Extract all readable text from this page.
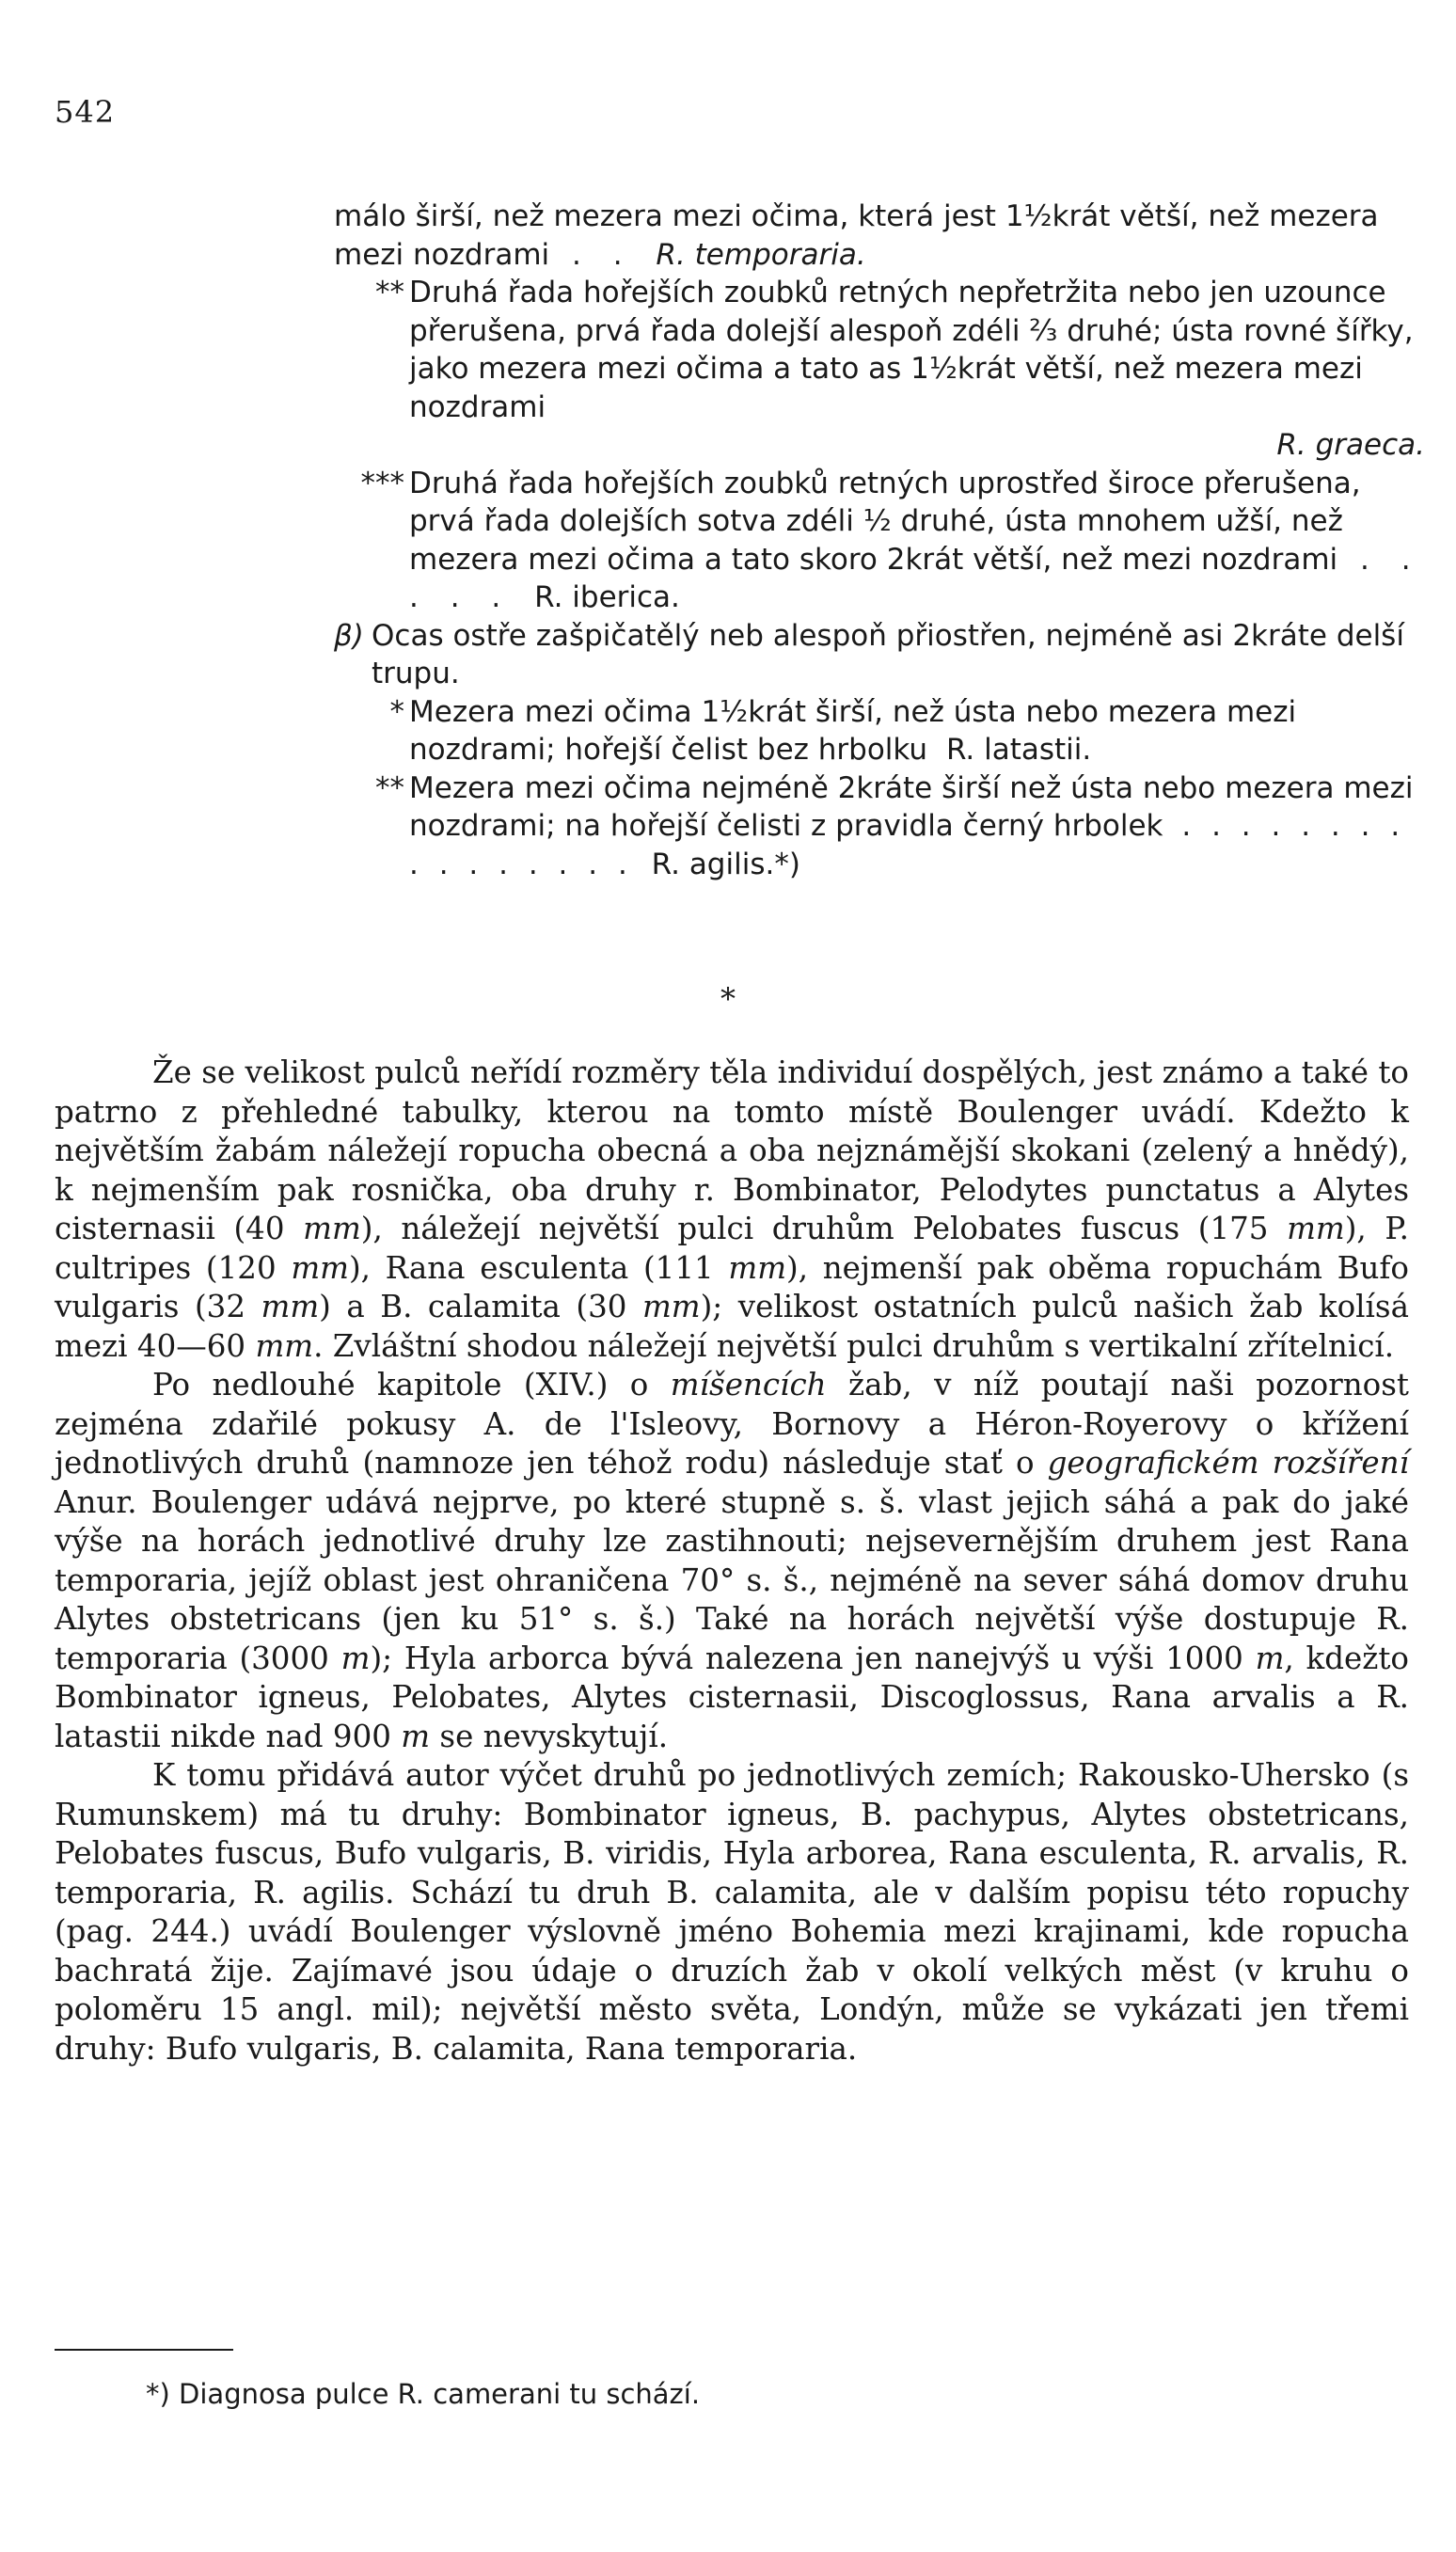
542
málo širší, než mezera mezi očima, která jest 1½krát větší, než mezera mezi nozdrami . . R. temporaria.
** Druhá řada hořejších zoubků retných nepřetržita nebo jen uzounce přerušena, prvá řada dolejší alespoň zdéli ⅔ druhé; ústa rovné šířky, jako mezera mezi očima a tato as 1½krát větší, než mezera mezi nozdrami
R. graeca.
*** Druhá řada hořejších zoubků retných uprostřed široce přerušena, prvá řada dolejších sotva zdéli ½ druhé, ústa mnohem užší, než mezera mezi očima a tato skoro 2krát větší, než mezi nozdrami . . . . . R. iberica.
β) Ocas ostře zašpičatělý neb alespoň přiostřen, nejméně asi 2kráte delší trupu.
* Mezera mezi očima 1½krát širší, než ústa nebo mezera mezi nozdrami; hořejší čelist bez hrbolku R. latastii.
** Mezera mezi očima nejméně 2kráte širší než ústa nebo mezera mezi nozdrami; na hořejší čelisti z pravidla černý hrbolek . . . . . . . . . . . . . . . . R. agilis.*)
*

Že se velikost pulců neřídí rozměry těla individuí dospělých, jest známo a také to patrno z přehledné tabulky, kterou na tomto místě Boulenger uvádí. Kdežto k největším žabám náležejí ropucha obecná a oba nejznámější skokani (zelený a hnědý), k nejmenším pak rosnička, oba druhy r. Bombinator, Pelodytes punctatus a Alytes cisternasii (40 mm), náležejí největší pulci druhům Pelobates fuscus (175 mm), P. cultripes (120 mm), Rana esculenta (111 mm), nejmenší pak oběma ropuchám Bufo vulgaris (32 mm) a B. calamita (30 mm); velikost ostatních pulců našich žab kolísá mezi 40—60 mm. Zvláštní shodou náležejí největší pulci druhům s vertikalní zřítelnicí.

Po nedlouhé kapitole (XIV.) o míšencích žab, v níž poutají naši pozornost zejména zdařilé pokusy A. de l'Isleovy, Bornovy a Héron-Royerovy o křížení jednotlivých druhů (namnoze jen téhož rodu) následuje stať o geografickém rozšíření Anur. Boulenger udává nejprve, po které stupně s. š. vlast jejich sáhá a pak do jaké výše na horách jednotlivé druhy lze zastihnouti; nejsevernějším druhem jest Rana temporaria, jejíž oblast jest ohraničena 70° s. š., nejméně na sever sáhá domov druhu Alytes obstetricans (jen ku 51° s. š.) Také na horách největší výše dostupuje R. temporaria (3000 m); Hyla arborca bývá nalezena jen nanejvýš u výši 1000 m, kdežto Bombinator igneus, Pelobates, Alytes cisternasii, Discoglossus, Rana arvalis a R. latastii nikde nad 900 m se nevyskytují.

K tomu přidává autor výčet druhů po jednotlivých zemích; Rakousko-Uhersko (s Rumunskem) má tu druhy: Bombinator igneus, B. pachypus, Alytes obstetricans, Pelobates fuscus, Bufo vulgaris, B. viridis, Hyla arborea, Rana esculenta, R. arvalis, R. temporaria, R. agilis. Schází tu druh B. calamita, ale v dalším popisu této ropuchy (pag. 244.) uvádí Boulenger výslovně jméno Bohemia mezi krajinami, kde ropucha bachratá žije. Zajímavé jsou údaje o druzích žab v okolí velkých měst (v kruhu o poloměru 15 angl. mil); největší město světa, Londýn, může se vykázati jen třemi druhy: Bufo vulgaris, B. calamita, Rana temporaria.

*) Diagnosa pulce R. camerani tu schází.
